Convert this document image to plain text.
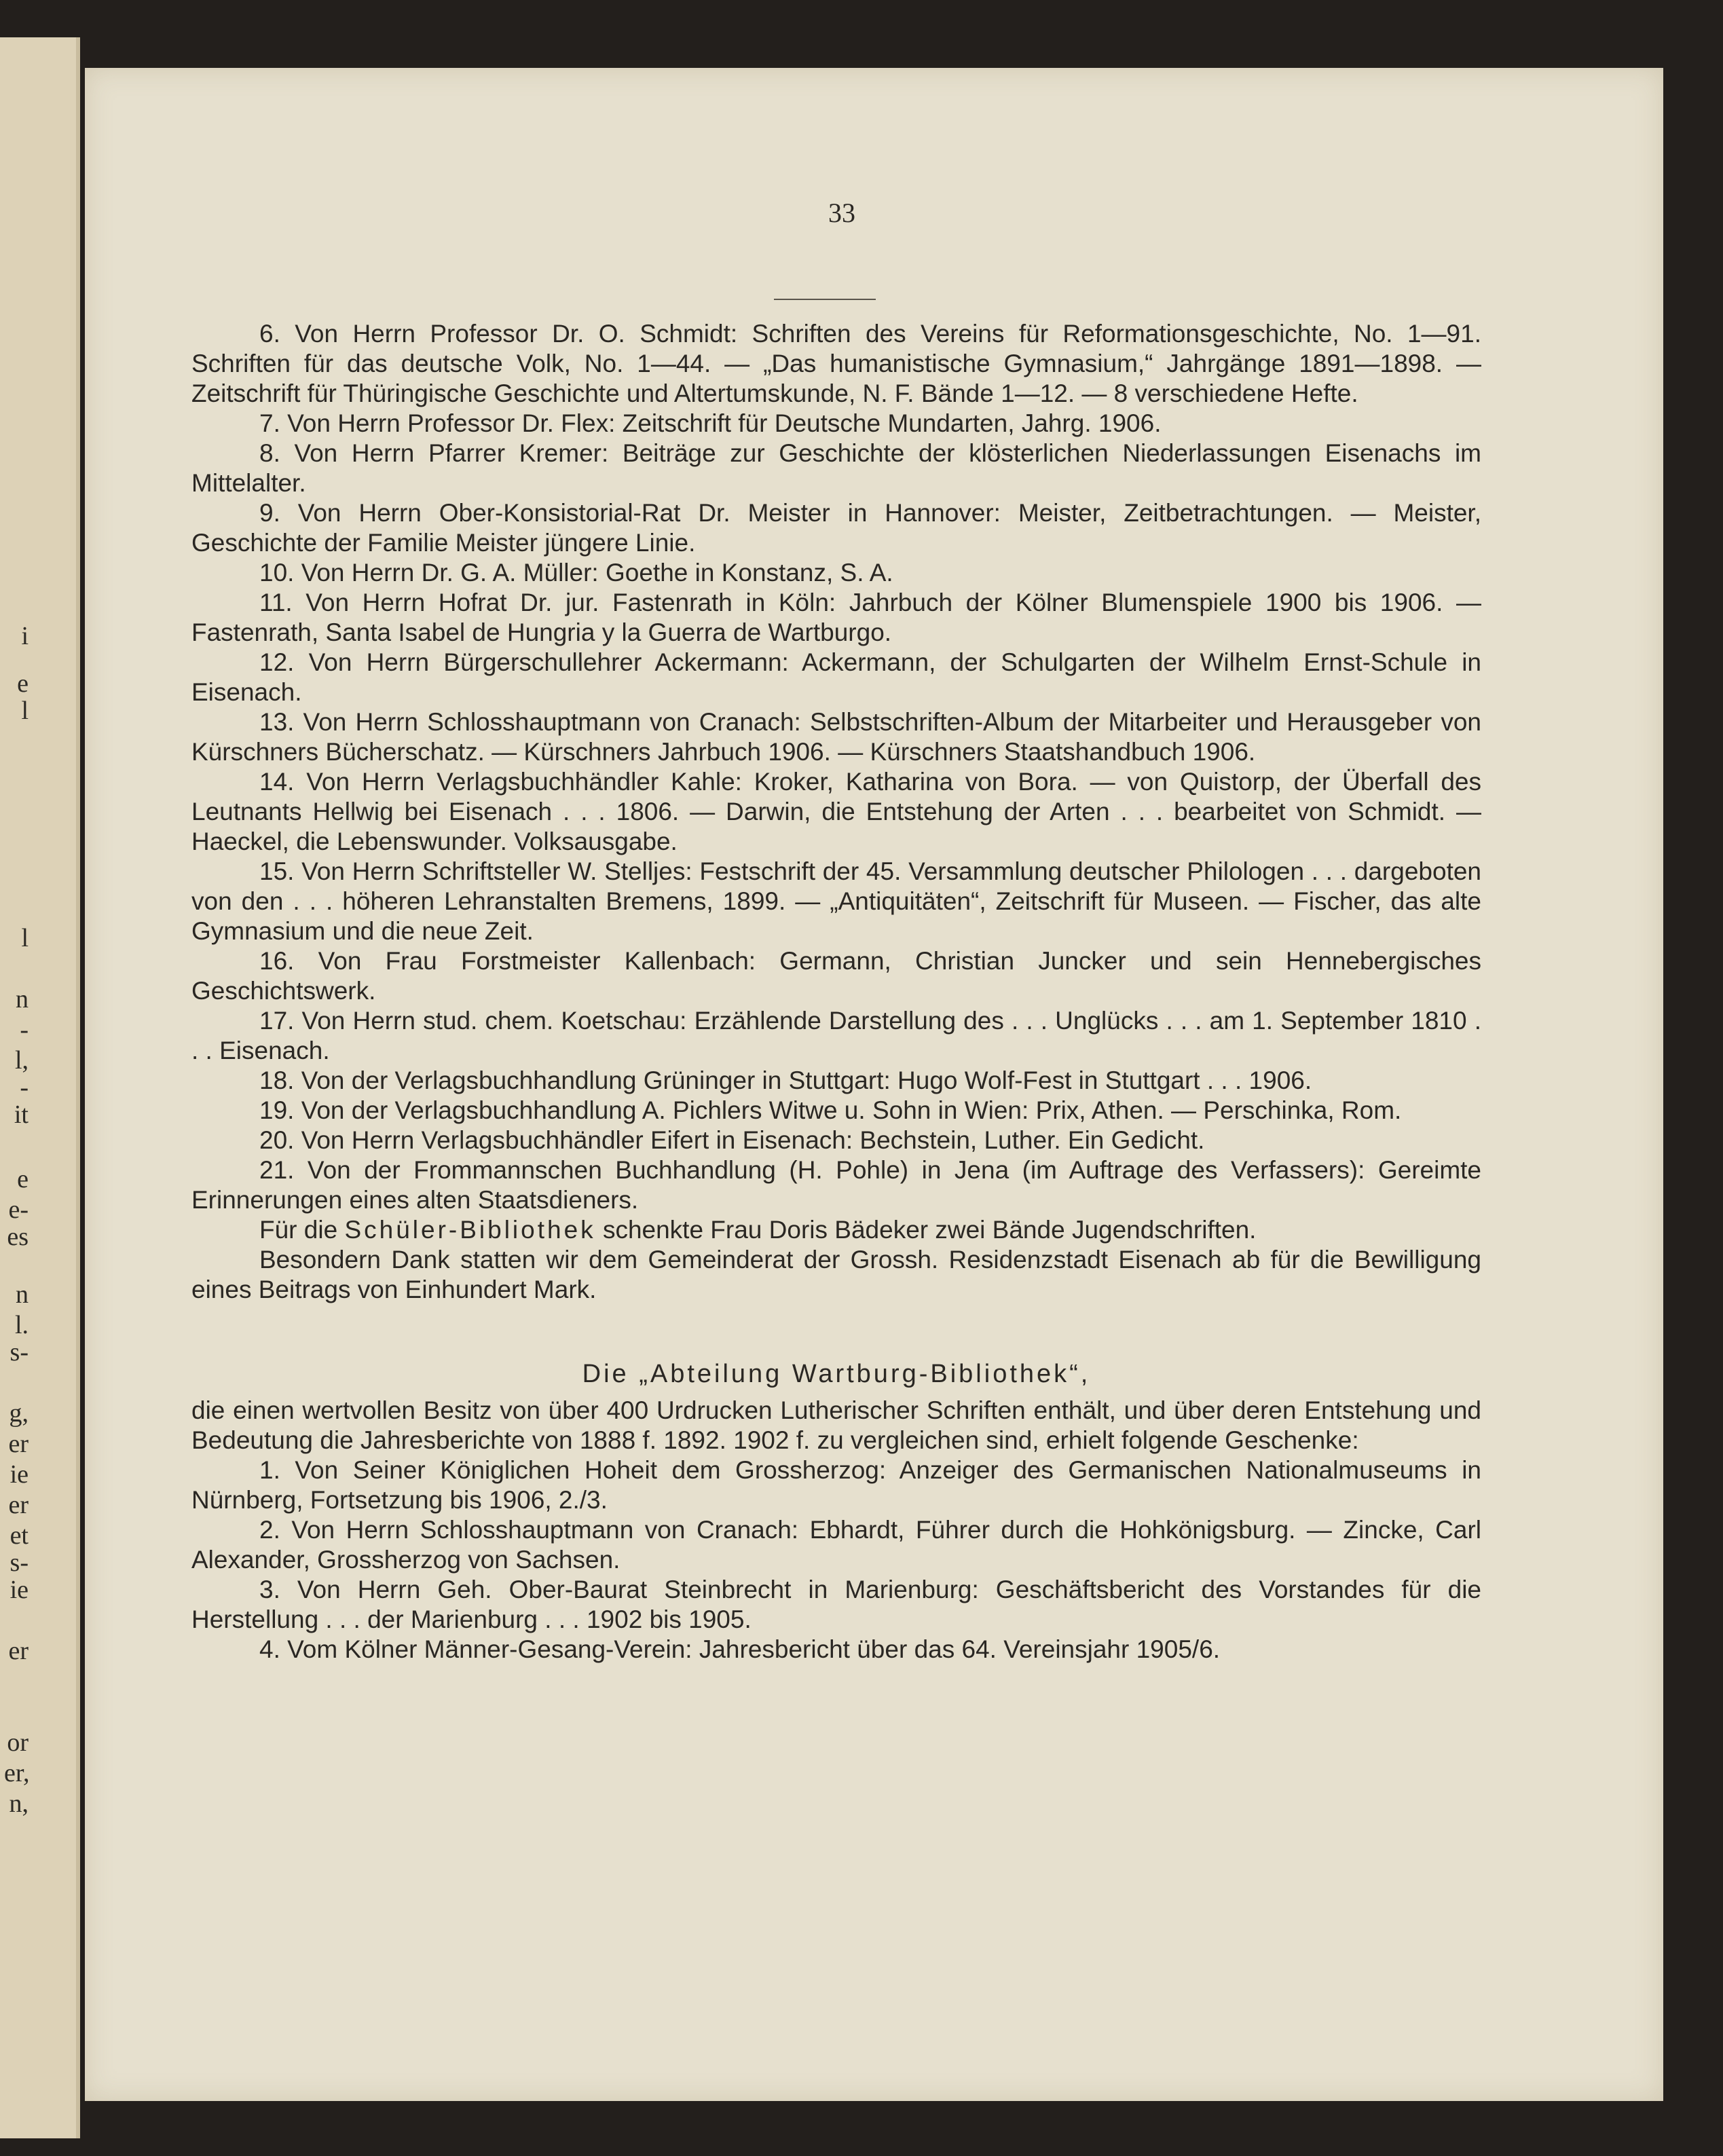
i
e
l
l
n
-
l,
-
it
e
e-
es
n
l.
s-
g,
er
ie
er
et
s-
ie
er
or
er,
n,
33

6. Von Herrn Professor Dr. O. Schmidt: Schriften des Vereins für Reformationsgeschichte, No. 1—91. Schriften für das deutsche Volk, No. 1—44. — „Das humanistische Gymnasium,“ Jahrgänge 1891—1898. — Zeitschrift für Thüringische Geschichte und Altertumskunde, N. F. Bände 1—12. — 8 verschiedene Hefte.

7. Von Herrn Professor Dr. Flex: Zeitschrift für Deutsche Mundarten, Jahrg. 1906.

8. Von Herrn Pfarrer Kremer: Beiträge zur Geschichte der klösterlichen Niederlassungen Eisenachs im Mittelalter.

9. Von Herrn Ober-Konsistorial-Rat Dr. Meister in Hannover: Meister, Zeitbetrachtungen. — Meister, Geschichte der Familie Meister jüngere Linie.

10. Von Herrn Dr. G. A. Müller: Goethe in Konstanz, S. A.

11. Von Herrn Hofrat Dr. jur. Fastenrath in Köln: Jahrbuch der Kölner Blumenspiele 1900 bis 1906. — Fastenrath, Santa Isabel de Hungria y la Guerra de Wartburgo.

12. Von Herrn Bürgerschullehrer Ackermann: Ackermann, der Schulgarten der Wilhelm Ernst-Schule in Eisenach.

13. Von Herrn Schlosshauptmann von Cranach: Selbstschriften-Album der Mitarbeiter und Herausgeber von Kürschners Bücherschatz. — Kürschners Jahrbuch 1906. — Kürschners Staatshandbuch 1906.

14. Von Herrn Verlagsbuchhändler Kahle: Kroker, Katharina von Bora. — von Quistorp, der Überfall des Leutnants Hellwig bei Eisenach . . . 1806. — Darwin, die Entstehung der Arten . . . bearbeitet von Schmidt. — Haeckel, die Lebenswunder. Volksausgabe.

15. Von Herrn Schriftsteller W. Stelljes: Festschrift der 45. Versammlung deutscher Philologen . . . dargeboten von den . . . höheren Lehranstalten Bremens, 1899. — „Antiquitäten“, Zeitschrift für Museen. — Fischer, das alte Gymnasium und die neue Zeit.

16. Von Frau Forstmeister Kallenbach: Germann, Christian Juncker und sein Hennebergisches Geschichtswerk.

17. Von Herrn stud. chem. Koetschau: Erzählende Darstellung des . . . Unglücks . . . am 1. September 1810 . . . Eisenach.

18. Von der Verlagsbuchhandlung Grüninger in Stuttgart: Hugo Wolf-Fest in Stuttgart . . . 1906.

19. Von der Verlagsbuchhandlung A. Pichlers Witwe u. Sohn in Wien: Prix, Athen. — Perschinka, Rom.

20. Von Herrn Verlagsbuchhändler Eifert in Eisenach: Bechstein, Luther. Ein Gedicht.

21. Von der Frommannschen Buchhandlung (H. Pohle) in Jena (im Auftrage des Verfassers): Gereimte Erinnerungen eines alten Staatsdieners.

Für die Schüler-Bibliothek schenkte Frau Doris Bädeker zwei Bände Jugendschriften.

Besondern Dank statten wir dem Gemeinderat der Grossh. Residenzstadt Eisenach ab für die Bewilligung eines Beitrags von Einhundert Mark.

Die „Abteilung Wartburg-Bibliothek“,

die einen wertvollen Besitz von über 400 Urdrucken Lutherischer Schriften enthält, und über deren Entstehung und Bedeutung die Jahresberichte von 1888 f. 1892. 1902 f. zu vergleichen sind, erhielt folgende Geschenke:

1. Von Seiner Königlichen Hoheit dem Grossherzog: Anzeiger des Germanischen Nationalmuseums in Nürnberg, Fortsetzung bis 1906, 2./3.

2. Von Herrn Schlosshauptmann von Cranach: Ebhardt, Führer durch die Hohkönigsburg. — Zincke, Carl Alexander, Grossherzog von Sachsen.

3. Von Herrn Geh. Ober-Baurat Steinbrecht in Marienburg: Geschäftsbericht des Vorstandes für die Herstellung . . . der Marienburg . . . 1902 bis 1905.

4. Vom Kölner Männer-Gesang-Verein: Jahresbericht über das 64. Vereinsjahr 1905/6.
